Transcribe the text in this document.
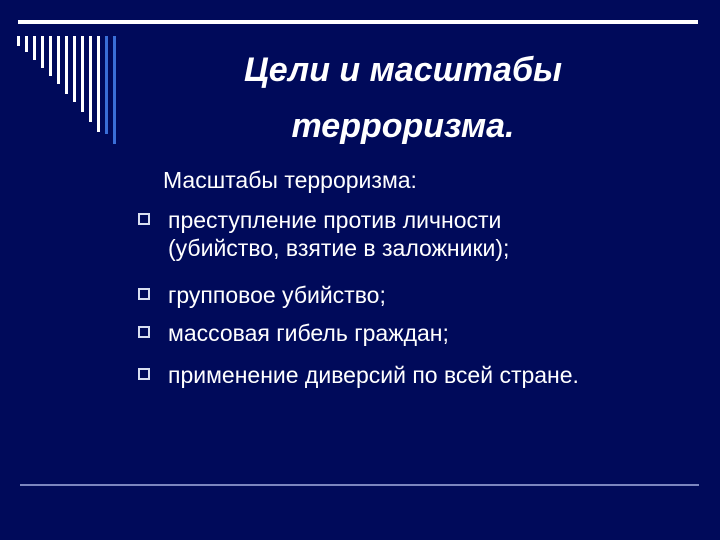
Цели и масштабы
терроризма.
Масштабы терроризма:
преступление против личности
(убийство, взятие в заложники);
групповое убийство;
массовая гибель граждан;
применение диверсий по всей стране.
